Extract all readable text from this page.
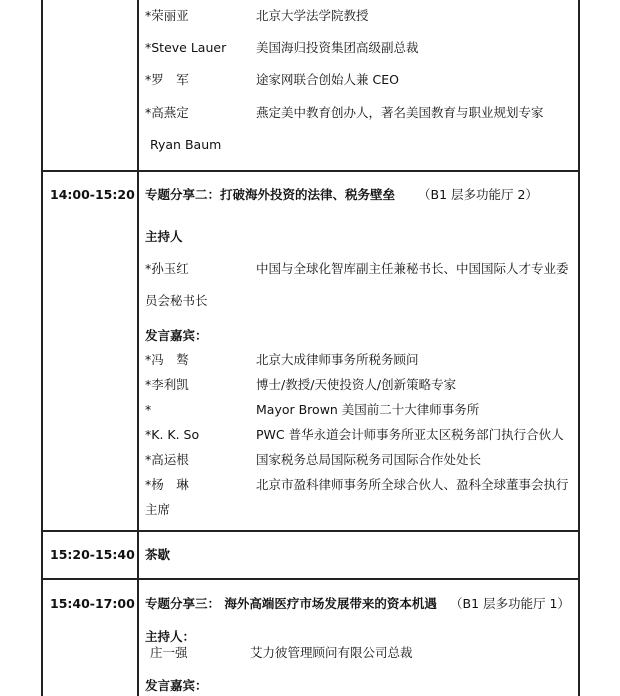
*荣丽亚	北京大学法学院教授
*Steve Lauer 美国海归投资集团高级副总裁
*罗　军	途家网联合创始人兼 CEO
*高燕定	燕定美中教育创办人，著名美国教育与职业规划专家
Ryan Baum
14:00-15:20 专题分享二：打破海外投资的法律、税务壁垒 （B1 层多功能厅 2）
主持人
*孙玉红	中国与全球化智库副主任兼秘书长、中国国际人才专业委
员会秘书长
发言嘉宾：
*冯　骜	北京大成律师事务所税务顾问
*李利凯	博士/教授/天使投资人/创新策略专家
*	Mayor Brown 美国前二十大律师事务所
*K. K. So	PWC 普华永道会计师事务所亚太区税务部门执行合伙人
*高运根	国家税务总局国际税务司国际合作处处长
*杨　琳	北京市盈科律师事务所全球合伙人、盈科全球董事会执行
主席
15:20-15:40 茶歇
15:40-17:00 专题分享三： 海外高端医疗市场发展带来的资本机遇 （B1 层多功能厅 1）
主持人：
庄一强	艾力彼管理顾问有限公司总裁
发言嘉宾：
